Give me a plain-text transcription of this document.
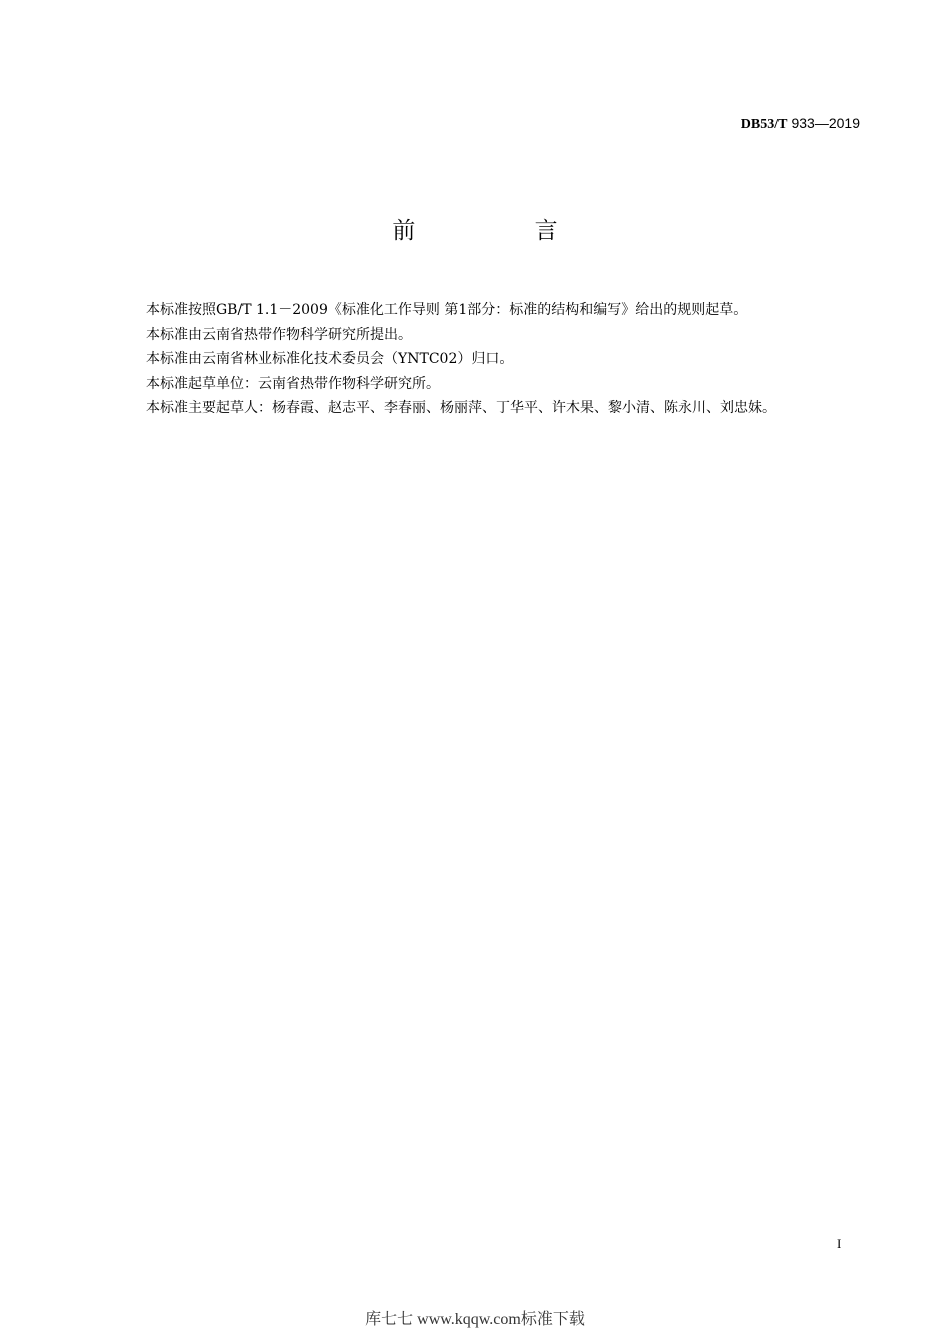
DB53/T 933—2019
前 言

本标准按照GB/T 1.1－2009《标准化工作导则 第1部分：标准的结构和编写》给出的规则起草。

本标准由云南省热带作物科学研究所提出。

本标准由云南省林业标准化技术委员会（YNTC02）归口。

本标准起草单位：云南省热带作物科学研究所。

本标准主要起草人：杨春霞、赵志平、李春丽、杨丽萍、丁华平、许木果、黎小清、陈永川、刘忠妹。

I
库七七 www.kqqw.com标准下载
